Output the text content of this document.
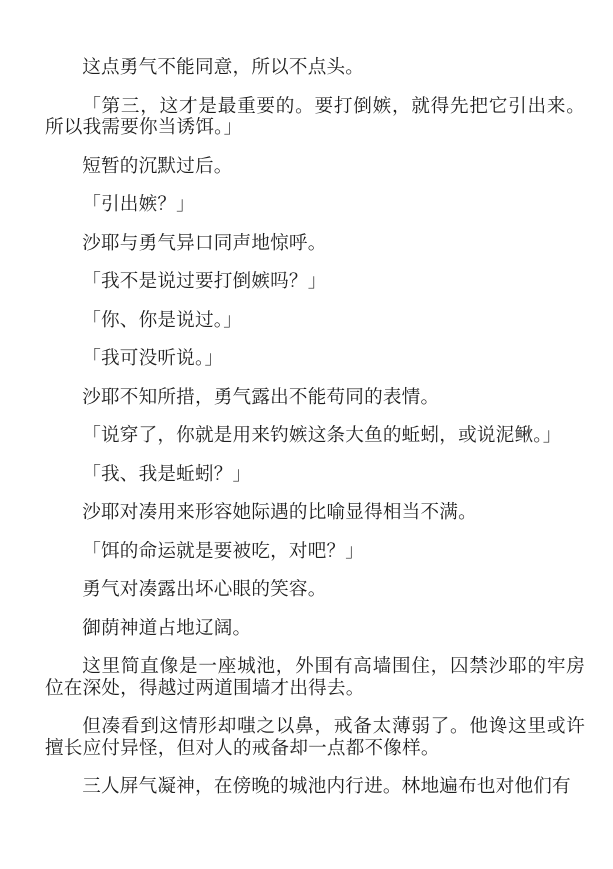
这点勇气不能同意，所以不点头。

「第三，这才是最重要的。要打倒嫉，就得先把它引出来。所以我需要你当诱饵。」

短暂的沉默过后。

「引出嫉？」

沙耶与勇气异口同声地惊呼。

「我不是说过要打倒嫉吗？」

「你、你是说过。」

「我可没听说。」

沙耶不知所措，勇气露出不能苟同的表情。

「说穿了，你就是用来钓嫉这条大鱼的蚯蚓，或说泥鳅。」

「我、我是蚯蚓？」

沙耶对凑用来形容她际遇的比喻显得相当不满。

「饵的命运就是要被吃，对吧？」

勇气对凑露出坏心眼的笑容。

御荫神道占地辽阔。

这里简直像是一座城池，外围有高墙围住，囚禁沙耶的牢房位在深处，得越过两道围墙才出得去。

但凑看到这情形却嗤之以鼻，戒备太薄弱了。他谗这里或许擅长应付异怪，但对人的戒备却一点都不像样。

三人屏气凝神，在傍晚的城池内行进。林地遍布也对他们有
